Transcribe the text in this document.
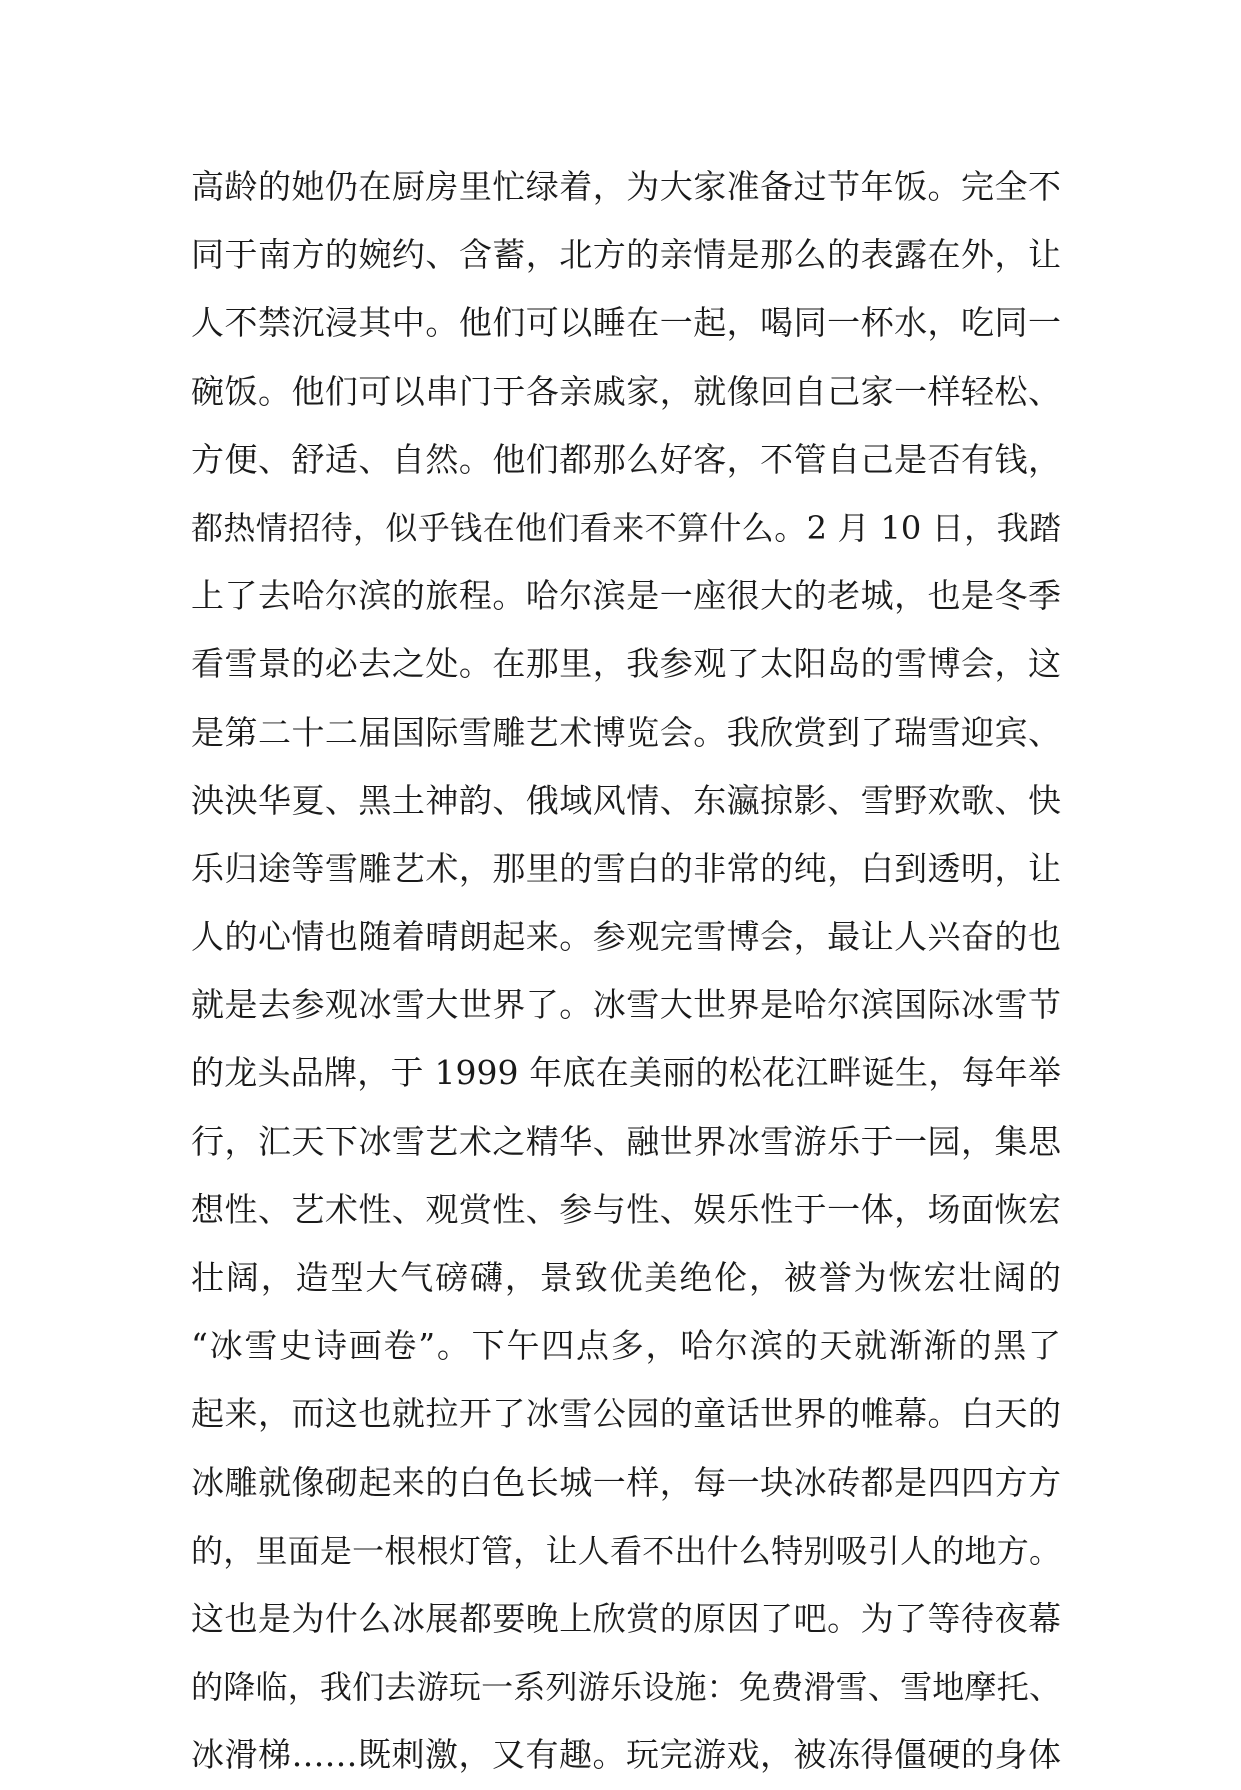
高龄的她仍在厨房里忙绿着，为大家准备过节年饭。完全不
同于南方的婉约、含蓄，北方的亲情是那么的表露在外，让
人不禁沉浸其中。他们可以睡在一起，喝同一杯水，吃同一
碗饭。他们可以串门于各亲戚家，就像回自己家一样轻松、
方便、舒适、自然。他们都那么好客，不管自己是否有钱，
都热情招待，似乎钱在他们看来不算什么。2 月 10 日，我踏
上了去哈尔滨的旅程。哈尔滨是一座很大的老城，也是冬季
看雪景的必去之处。在那里，我参观了太阳岛的雪博会，这
是第二十二届国际雪雕艺术博览会。我欣赏到了瑞雪迎宾、
泱泱华夏、黑土神韵、俄域风情、东瀛掠影、雪野欢歌、快
乐归途等雪雕艺术，那里的雪白的非常的纯，白到透明，让
人的心情也随着晴朗起来。参观完雪博会，最让人兴奋的也
就是去参观冰雪大世界了。冰雪大世界是哈尔滨国际冰雪节
的龙头品牌，于 1999 年底在美丽的松花江畔诞生，每年举
行，汇天下冰雪艺术之精华、融世界冰雪游乐于一园，集思
想性、艺术性、观赏性、参与性、娱乐性于一体，场面恢宏
壮阔，造型大气磅礴，景致优美绝伦，被誉为恢宏壮阔的
“冰雪史诗画卷”。下午四点多，哈尔滨的天就渐渐的黑了
起来，而这也就拉开了冰雪公园的童话世界的帷幕。白天的
冰雕就像砌起来的白色长城一样，每一块冰砖都是四四方方
的，里面是一根根灯管，让人看不出什么特别吸引人的地方。
这也是为什么冰展都要晚上欣赏的原因了吧。为了等待夜幕
的降临，我们去游玩一系列游乐设施：免费滑雪、雪地摩托、
冰滑梯……既刺激，又有趣。玩完游戏，被冻得僵硬的身体
